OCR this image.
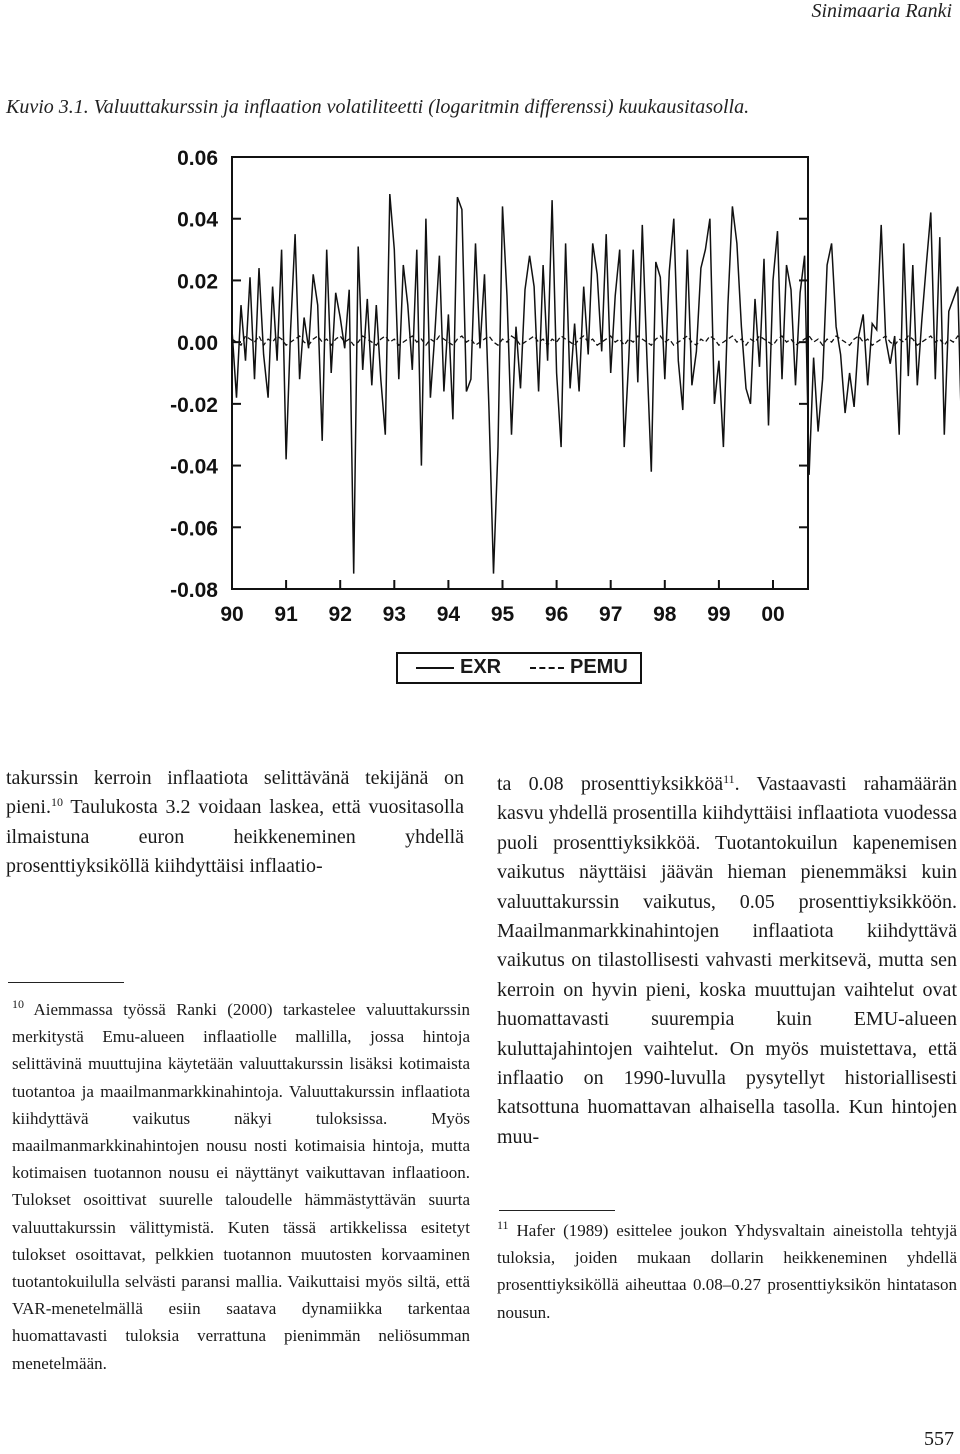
Sinimaaria Ranki
Kuvio 3.1. Valuuttakurssin ja inflaation volatiliteetti (logaritmin differenssi) kuukausitasolla.
0.06
0.04
0.02
0.00
-0.02
-0.04
-0.06
-0.08
90 91 92 93 94 95 96 97 98 99 00
EXR	PEMU

takurssin kerroin inflaatiota selittävänä tekijänä on pieni.$^{10}$ Taulukosta 3.2 voidaan laskea, että vuositasolla ilmaistuna euron heikkeneminen yhdellä prosenttiyksiköllä kiihdyttäisi inflaatio-

$^{10}$ Aiemmassa työssä Ranki (2000) tarkastelee valuuttakurssin merkitystä Emu-alueen inflaatiolle mallilla, jossa hintoja selittävinä muuttujina käytetään valuuttakurssin lisäksi kotimaista tuotantoa ja maailmanmarkkinahintoja. Valuuttakurssin inflaatiota kiihdyttävä vaikutus näkyi tuloksissa. Myös maailmanmarkkinahintojen nousu nosti kotimaisia hintoja, mutta kotimaisen tuotannon nousu ei näyttänyt vaikuttavan inflaatioon. Tulokset osoittivat suurelle taloudelle hämmästyttävän suurta valuuttakurssin välittymistä. Kuten tässä artikkelissa esitetyt tulokset osoittavat, pelkkien tuotannon muutosten korvaaminen tuotantokuilulla selvästi paransi mallia. Vaikuttaisi myös siltä, että VAR-menetelmällä esiin saatava dynamiikka tarkentaa huomattavasti tuloksia verrattuna pienimmän neliösumman menetelmään.

ta 0.08 prosenttiyksikköä$^{11}$. Vastaavasti rahamäärän kasvu yhdellä prosentilla kiihdyttäisi inflaatiota vuodessa puoli prosenttiyksikköä. Tuotantokuilun kapenemisen vaikutus näyttäisi jäävän hieman pienemmäksi kuin valuuttakurssin vaikutus, 0.05 prosenttiyksikköön. Maailmanmarkkinahintojen inflaatiota kiihdyttävä vaikutus on tilastollisesti vahvasti merkitsevä, mutta sen kerroin on hyvin pieni, koska muuttujan vaihtelut ovat huomattavasti suurempia kuin EMU-alueen kuluttajahintojen vaihtelut. On myös muistettava, että inflaatio on 1990-luvulla pysytellyt historiallisesti katsottuna huomattavan alhaisella tasolla. Kun hintojen muu-

$^{11}$ Hafer (1989) esittelee joukon Yhdysvaltain aineistolla tehtyjä tuloksia, joiden mukaan dollarin heikkeneminen yhdellä prosenttiyksiköllä aiheuttaa 0.08–0.27 prosenttiyksikön hintatason nousun.
557
